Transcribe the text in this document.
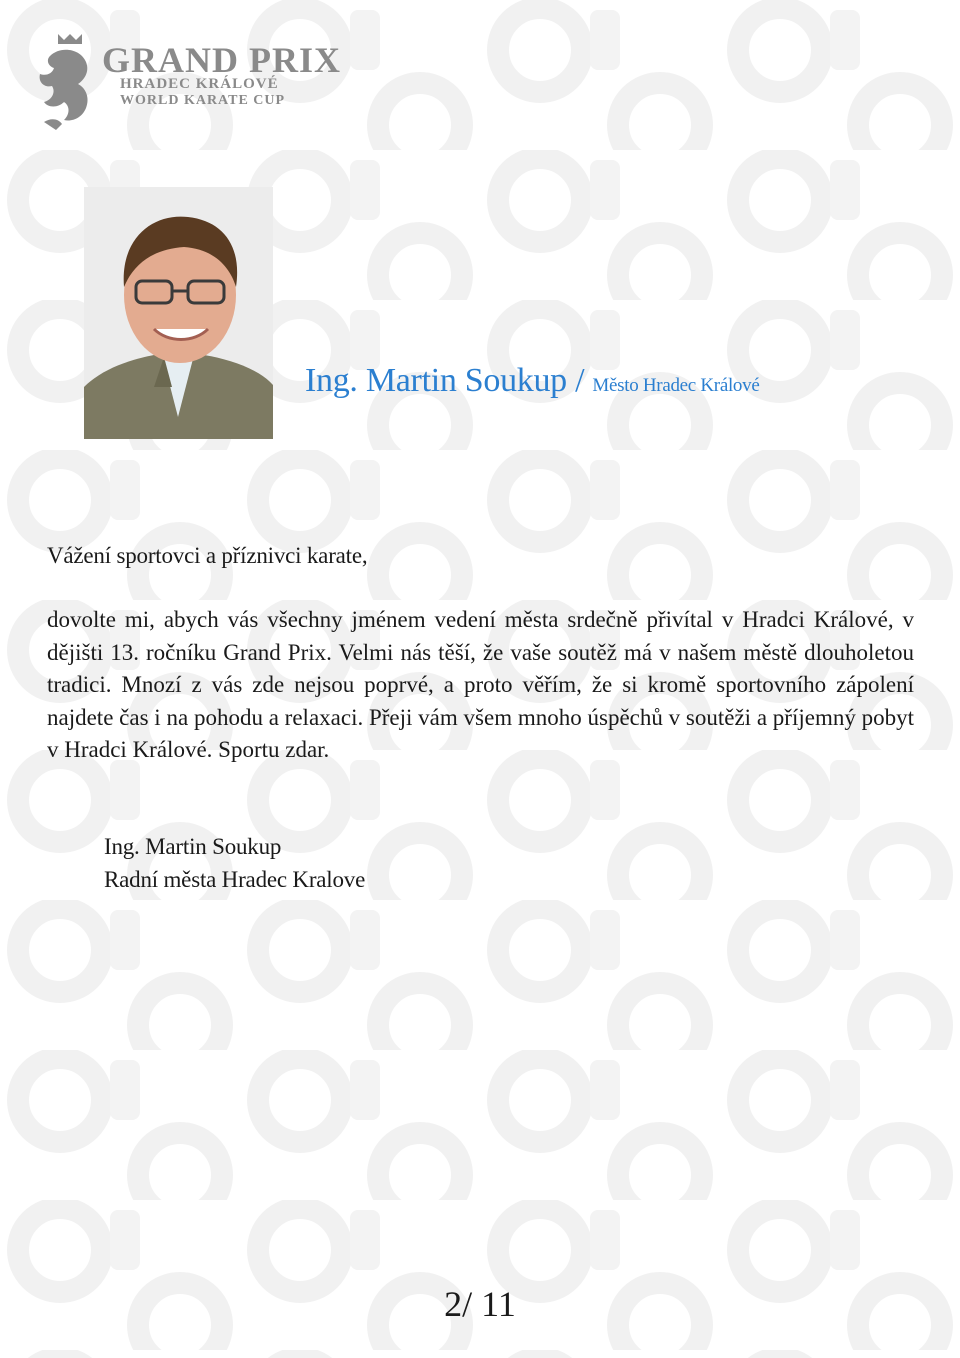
GRAND PRIX
HRADEC KRÁLOVÉ
WORLD KARATE CUP
Ing. Martin Soukup / Město Hradec Králové
Vážení sportovci a příznivci karate,
dovolte mi, abych vás všechny jménem vedení města srdečně přivítal v Hradci Králové, v dějišti 13. ročníku Grand Prix. Velmi nás těší, že vaše soutěž má v našem městě dlouholetou tradici. Mnozí z vás zde nejsou poprvé, a proto věřím, že si kromě sportovního zápolení najdete čas i na pohodu a relaxaci. Přeji vám všem mnoho úspěchů v soutěži a příjemný pobyt v Hradci Králové. Sportu zdar.
Ing. Martin Soukup
Radní města Hradec Kralove
2/ 11
